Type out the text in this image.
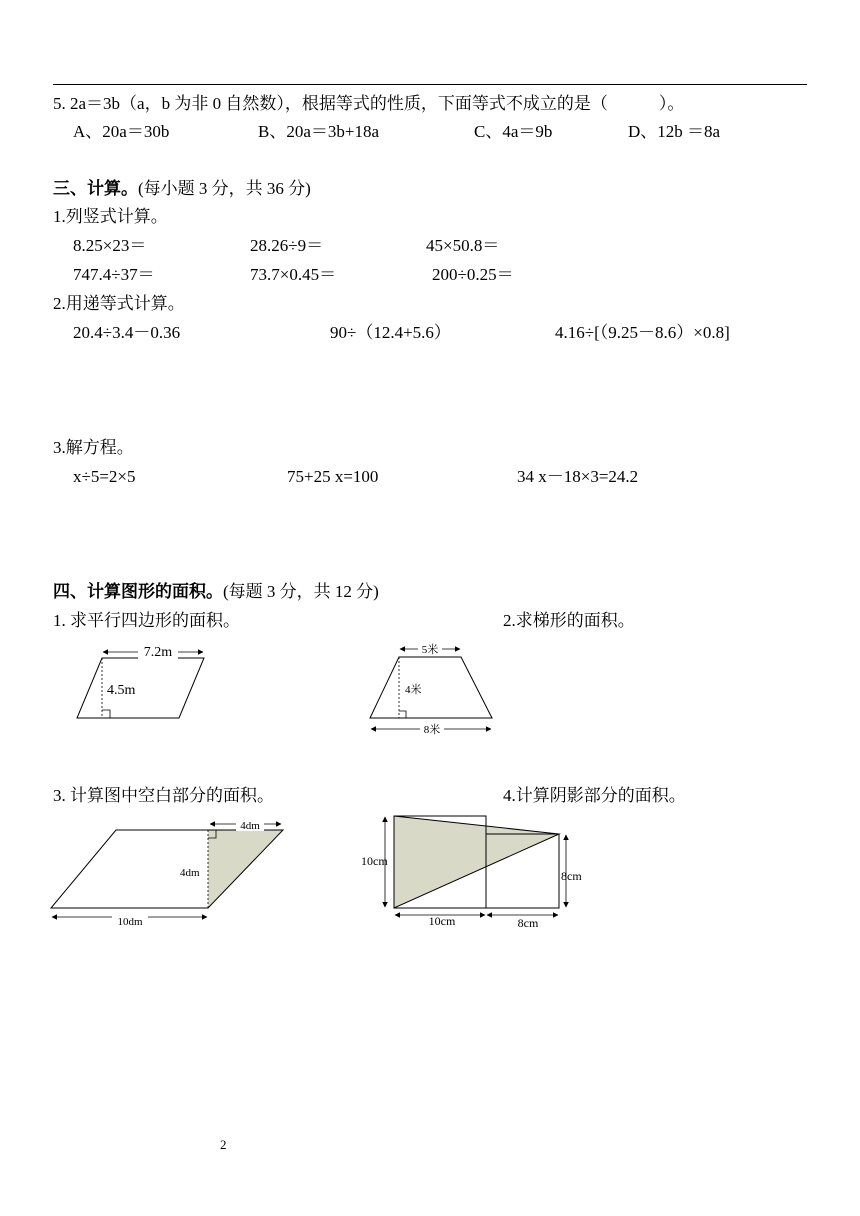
5. 2a＝3b（a，b 为非 0 自然数），根据等式的性质，下面等式不成立的是（　　　）。
A、20a＝30b	B、20a＝3b+18a	C、4a＝9b	D、12b ＝8a
三、计算。(每小题 3 分，共 36 分)
1.列竖式计算。
8.25×23＝	28.26÷9＝	45×50.8＝
747.4÷37＝	73.7×0.45＝	200÷0.25＝
2.用递等式计算。
20.4÷3.4－0.36	90÷（12.4+5.6）	4.16÷[（9.25－8.6）×0.8]
3.解方程。
x÷5=2×5	75+25 x=100	34 x－18×3=24.2
四、计算图形的面积。(每题 3 分，共 12 分)
1. 求平行四边形的面积。	2.求梯形的面积。
7.2m
4.5m
5米
4米
8米
3. 计算图中空白部分的面积。	4.计算阴影部分的面积。
4dm
4dm
10dm
10cm
8cm
10cm	8cm
2
